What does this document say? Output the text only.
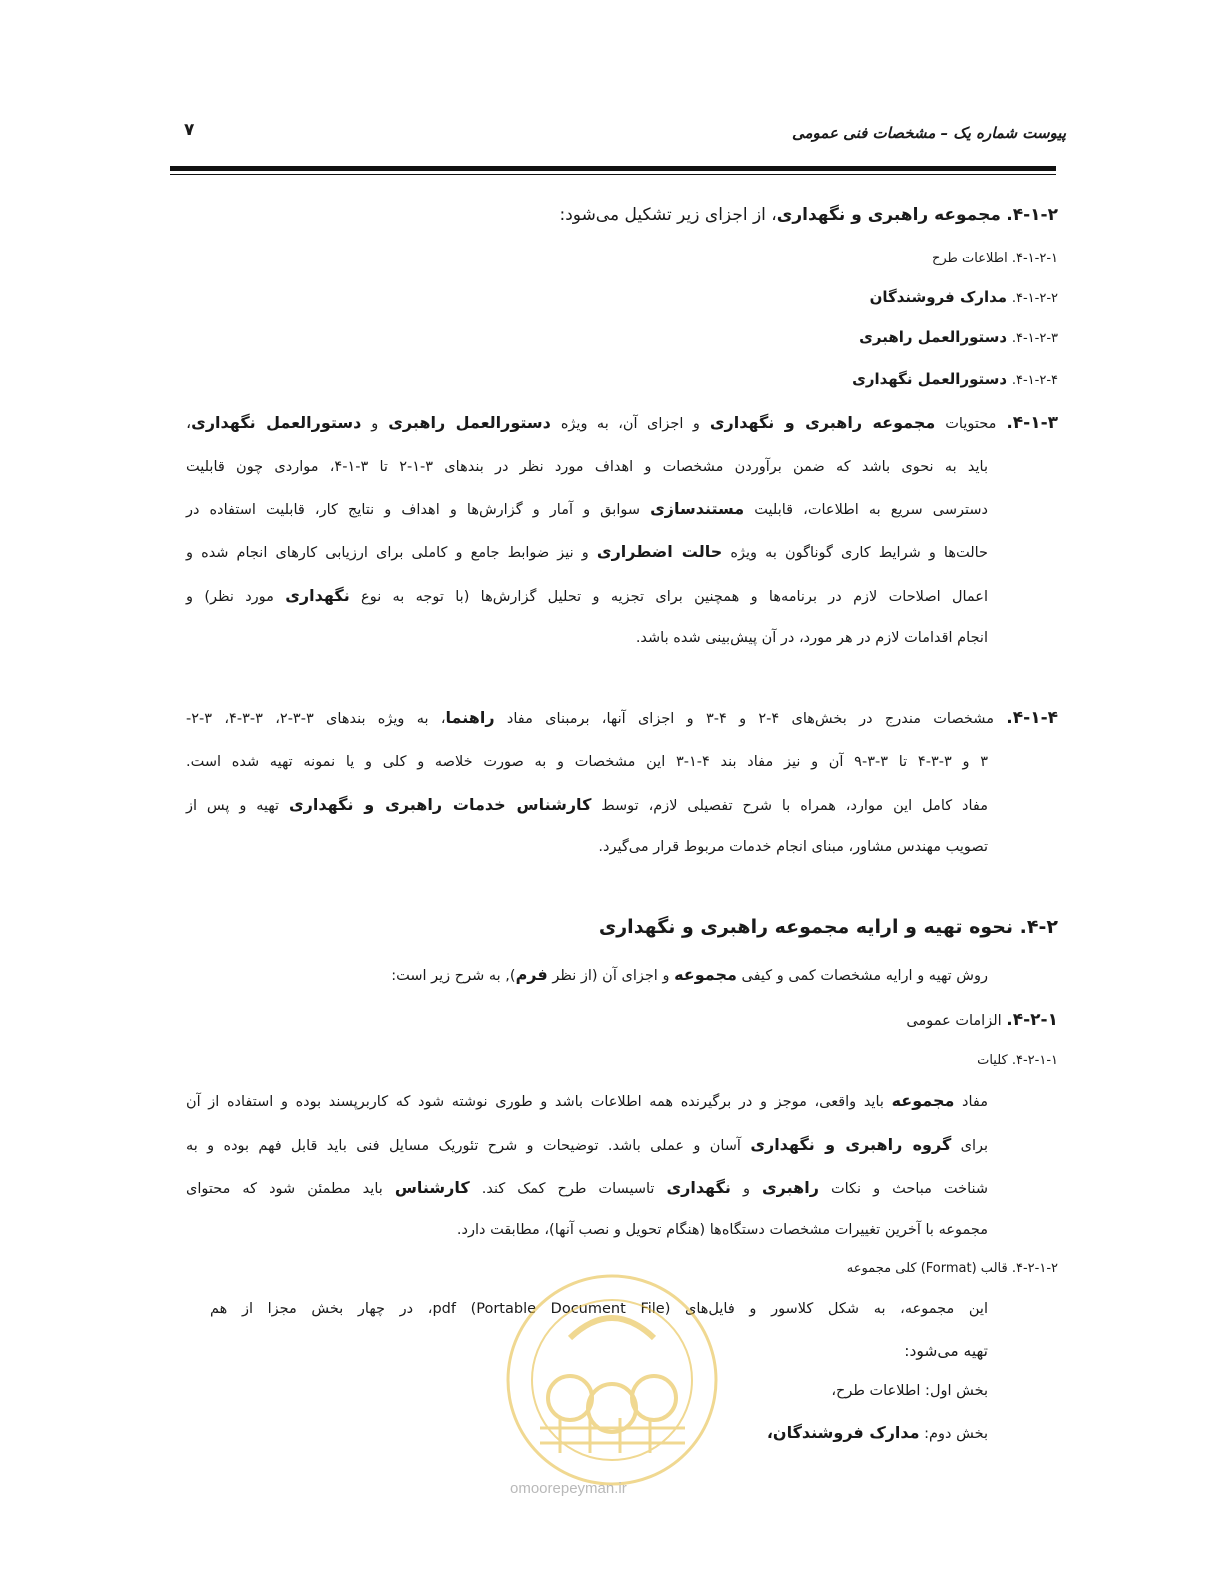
پیوست شماره یک – مشخصات فنی عمومی
۷
۴-۱-۲. مجموعه راهبری و نگهداری، از اجزای زیر تشکیل می‌شود:
۴-۱-۲-۱. اطلاعات طرح
۴-۱-۲-۲. مدارک فروشندگان
۴-۱-۲-۳. دستورالعمل راهبری
۴-۱-۲-۴. دستورالعمل نگهداری
۴-۱-۳. محتویات مجموعه راهبری و نگهداری و اجزای آن، به ویژه دستورالعمل راهبری و دستورالعمل نگهداری،
باید به نحوی باشد که ضمن برآوردن مشخصات و اهداف مورد نظر در بندهای ۳-۱-۲ تا ۳-۱-۴، مواردی چون قابلیت
دسترسی سریع به اطلاعات، قابلیت مستندسازی سوابق و آمار و گزارش‌ها و اهداف و نتایج کار، قابلیت استفاده در
حالت‌ها و شرایط کاری گوناگون به ویژه حالت اضطراری و نیز ضوابط جامع و کاملی برای ارزیابی کارهای انجام شده و
اعمال اصلاحات لازم در برنامه‌ها و همچنین برای تجزیه و تحلیل گزارش‌ها (با توجه به نوع نگهداری مورد نظر) و
انجام اقدامات لازم در هر مورد، در آن پیش‌بینی شده باشد.
۴-۱-۴. مشخصات مندرج در بخش‌های ۴-۲ و ۴-۳ و اجزای آنها، برمبنای مفاد راهنما، به ویژه بندهای ۳-۳-۲، ۳-۳-۴، ۳-۲-
۳ و ۳-۳-۴ تا ۳-۳-۹ آن و نیز مفاد بند ۴-۱-۳ این مشخصات و به صورت خلاصه و کلی و یا نمونه تهیه شده است.
مفاد کامل این موارد، همراه با شرح تفصیلی لازم، توسط کارشناس خدمات راهبری و نگهداری تهیه و پس از
تصویب مهندس مشاور، مبنای انجام خدمات مربوط قرار می‌گیرد.
۴-۲. نحوه تهیه و ارایه مجموعه راهبری و نگهداری
روش تهیه و ارایه مشخصات کمی و کیفی مجموعه و اجزای آن (از نظر فرم), به شرح زیر است:
۴-۲-۱. الزامات عمومی
۴-۲-۱-۱. کلیات
مفاد مجموعه باید واقعی، موجز و در برگیرنده همه اطلاعات باشد و طوری نوشته شود که کاربرپسند بوده و استفاده از آن
برای گروه راهبری و نگهداری آسان و عملی باشد. توضیحات و شرح تئوریک مسایل فنی باید قابل فهم بوده و به
شناخت مباحث و نکات راهبری و نگهداری تاسیسات طرح کمک کند. کارشناس باید مطمئن شود که محتوای
مجموعه با آخرین تغییرات مشخصات دستگاه‌ها (هنگام تحویل و نصب آنها)، مطابقت دارد.
۴-۲-۱-۲. قالب (Format) کلی مجموعه
این مجموعه، به شکل کلاسور و فایل‌های pdf (Portable Document File)، در چهار بخش مجزا از هم
تهیه می‌شود:
بخش اول: اطلاعات طرح،
بخش دوم: مدارک فروشندگان،
omoorepeyman.ir
